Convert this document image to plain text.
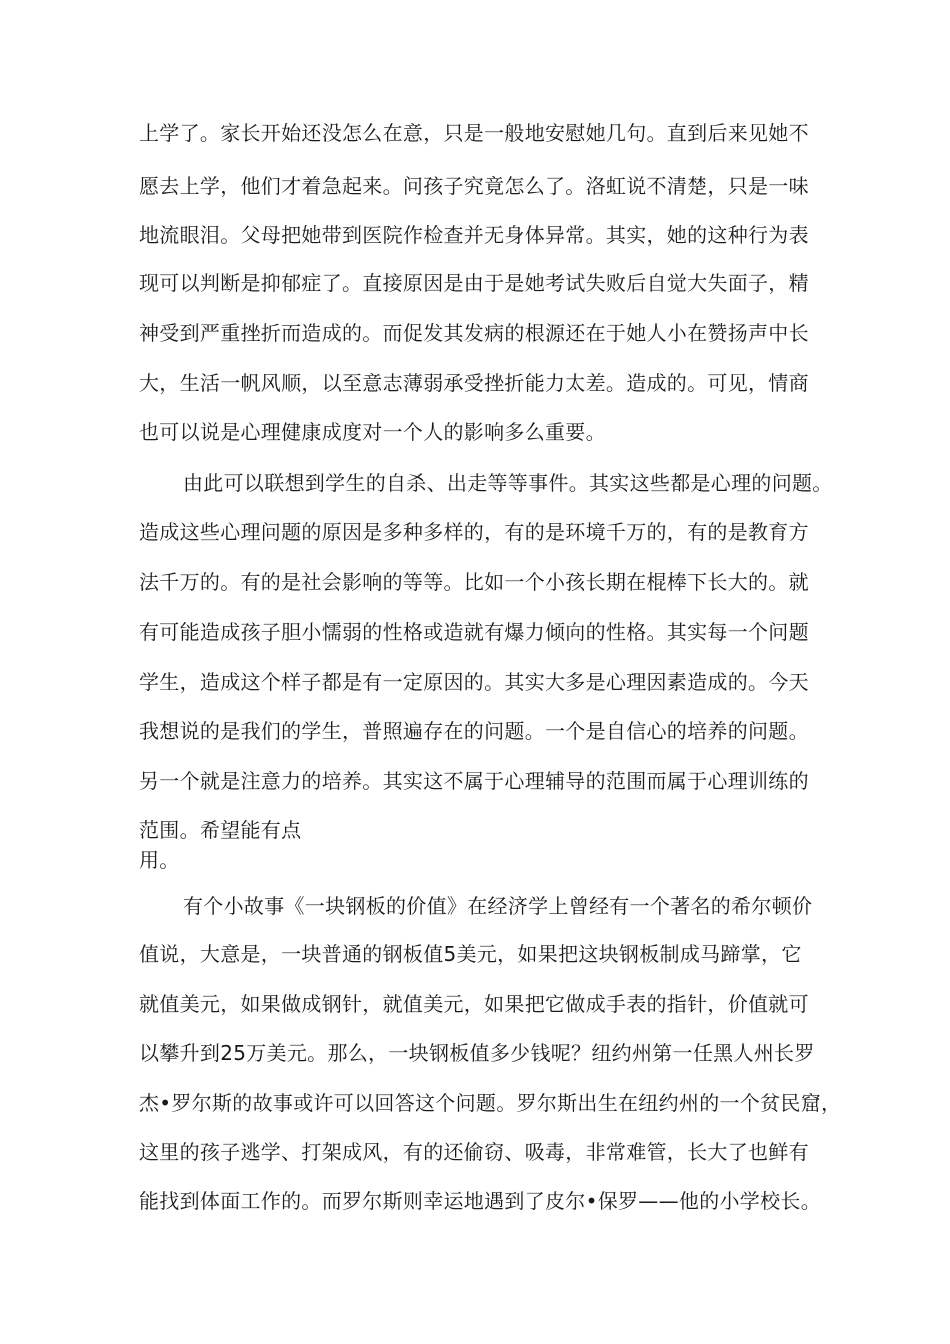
上学了。家长开始还没怎么在意，只是一般地安慰她几句。直到后来见她不
愿去上学，他们才着急起来。问孩子究竟怎么了。洛虹说不清楚，只是一味
地流眼泪。父母把她带到医院作检查并无身体异常。其实，她的这种行为表
现可以判断是抑郁症了。直接原因是由于是她考试失败后自觉大失面子，精
神受到严重挫折而造成的。而促发其发病的根源还在于她人小在赞扬声中长
大，生活一帆风顺，以至意志薄弱承受挫折能力太差。造成的。可见，情商
也可以说是心理健康成度对一个人的影响多么重要。
由此可以联想到学生的自杀、出走等等事件。其实这些都是心理的问题。
造成这些心理问题的原因是多种多样的，有的是环境千万的，有的是教育方
法千万的。有的是社会影响的等等。比如一个小孩长期在棍棒下长大的。就
有可能造成孩子胆小懦弱的性格或造就有爆力倾向的性格。其实每一个问题
学生，造成这个样子都是有一定原因的。其实大多是心理因素造成的。今天
我想说的是我们的学生，普照遍存在的问题。一个是自信心的培养的问题。
另一个就是注意力的培养。其实这不属于心理辅导的范围而属于心理训练的
范围。希望能有点
用。
有个小故事《一块钢板的价值》在经济学上曾经有一个著名的希尔顿价
值说，大意是，一块普通的钢板值5美元，如果把这块钢板制成马蹄掌，它
就值美元，如果做成钢针，就值美元，如果把它做成手表的指针，价值就可
以攀升到25万美元。那么，一块钢板值多少钱呢？纽约州第一任黑人州长罗
杰•罗尔斯的故事或许可以回答这个问题。罗尔斯出生在纽约州的一个贫民窟，
这里的孩子逃学、打架成风，有的还偷窃、吸毒，非常难管，长大了也鲜有
能找到体面工作的。而罗尔斯则幸运地遇到了皮尔•保罗——他的小学校长。
